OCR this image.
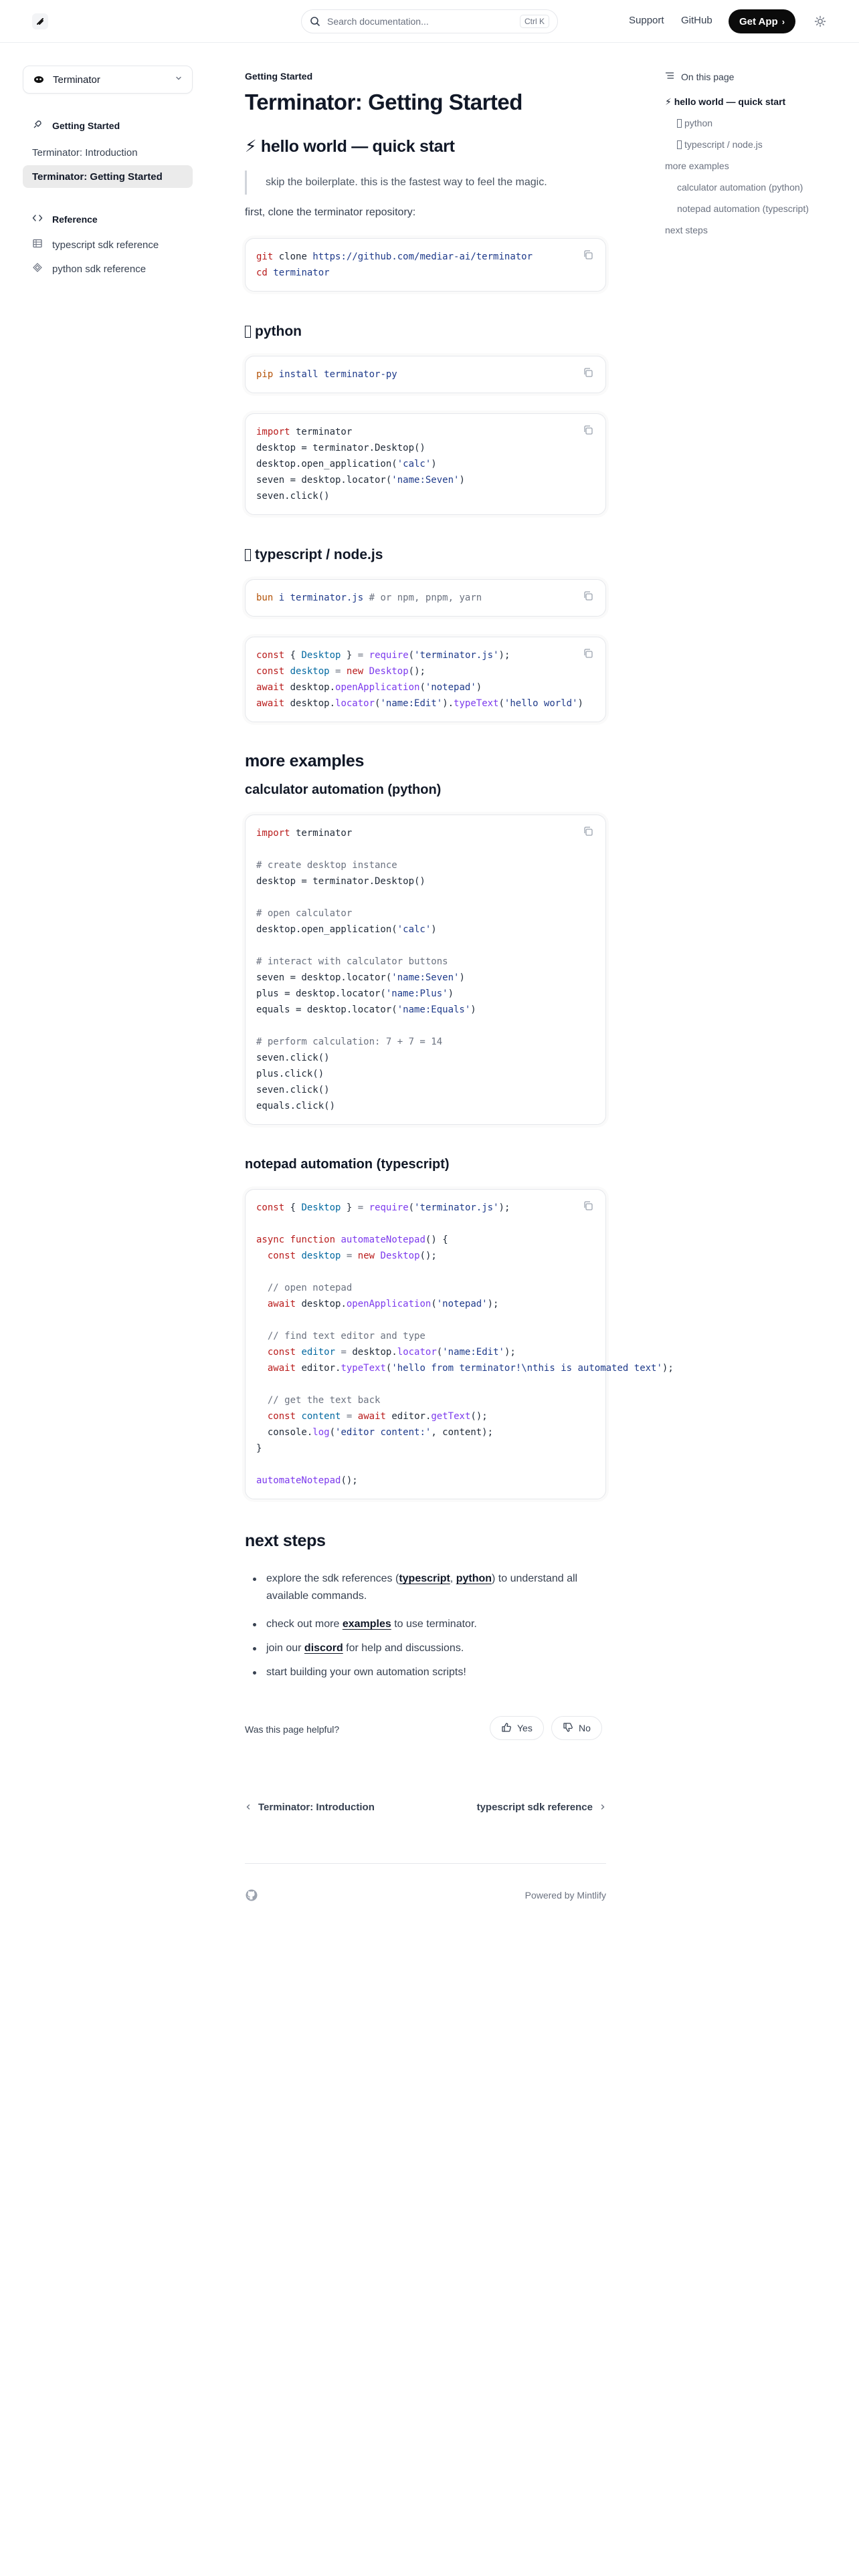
Search documentation...	Ctrl K	Support GitHub	Get App ›
Terminator
Getting Started
Terminator: Introduction
Terminator: Getting Started
Reference
typescript sdk reference
python sdk reference
Getting Started
Terminator: Getting Started
⚡ hello world — quick start
skip the boilerplate. this is the fastest way to feel the magic.

first, clone the terminator repository:

git clone https://github.com/mediar-ai/terminator
cd terminator
python
pip install terminator-py
import terminator
desktop = terminator.Desktop()
desktop.open_application('calc')
seven = desktop.locator('name:Seven')
seven.click()
typescript / node.js
bun i terminator.js # or npm, pnpm, yarn
const { Desktop } = require('terminator.js');
const desktop = new Desktop();
await desktop.openApplication('notepad')
await desktop.locator('name:Edit').typeText('hello world')
more examples
calculator automation (python)
import terminator

# create desktop instance
desktop = terminator.Desktop()

# open calculator
desktop.open_application('calc')

# interact with calculator buttons
seven = desktop.locator('name:Seven')
plus = desktop.locator('name:Plus')
equals = desktop.locator('name:Equals')

# perform calculation: 7 + 7 = 14
seven.click()
plus.click()
seven.click()
equals.click()
notepad automation (typescript)
const { Desktop } = require('terminator.js');

async function automateNotepad() {
const desktop = new Desktop();

// open notepad
await desktop.openApplication('notepad');

// find text editor and type
const editor = desktop.locator('name:Edit');
await editor.typeText('hello from terminator!\nthis is automated text');

// get the text back
const content = await editor.getText();
console.log('editor content:', content);
}

automateNotepad();
next steps
explore the sdk references (typescript, python) to understand all
available commands.
check out more examples to use terminator.
join our discord for help and discussions.
start building your own automation scripts!
Was this page helpful?	Yes	No
Terminator: Introduction	typescript sdk reference
Powered by Mintlify
On this page
⚡ hello world — quick start
python
typescript / node.js
more examples
calculator automation (python)
notepad automation (typescript)
next steps
